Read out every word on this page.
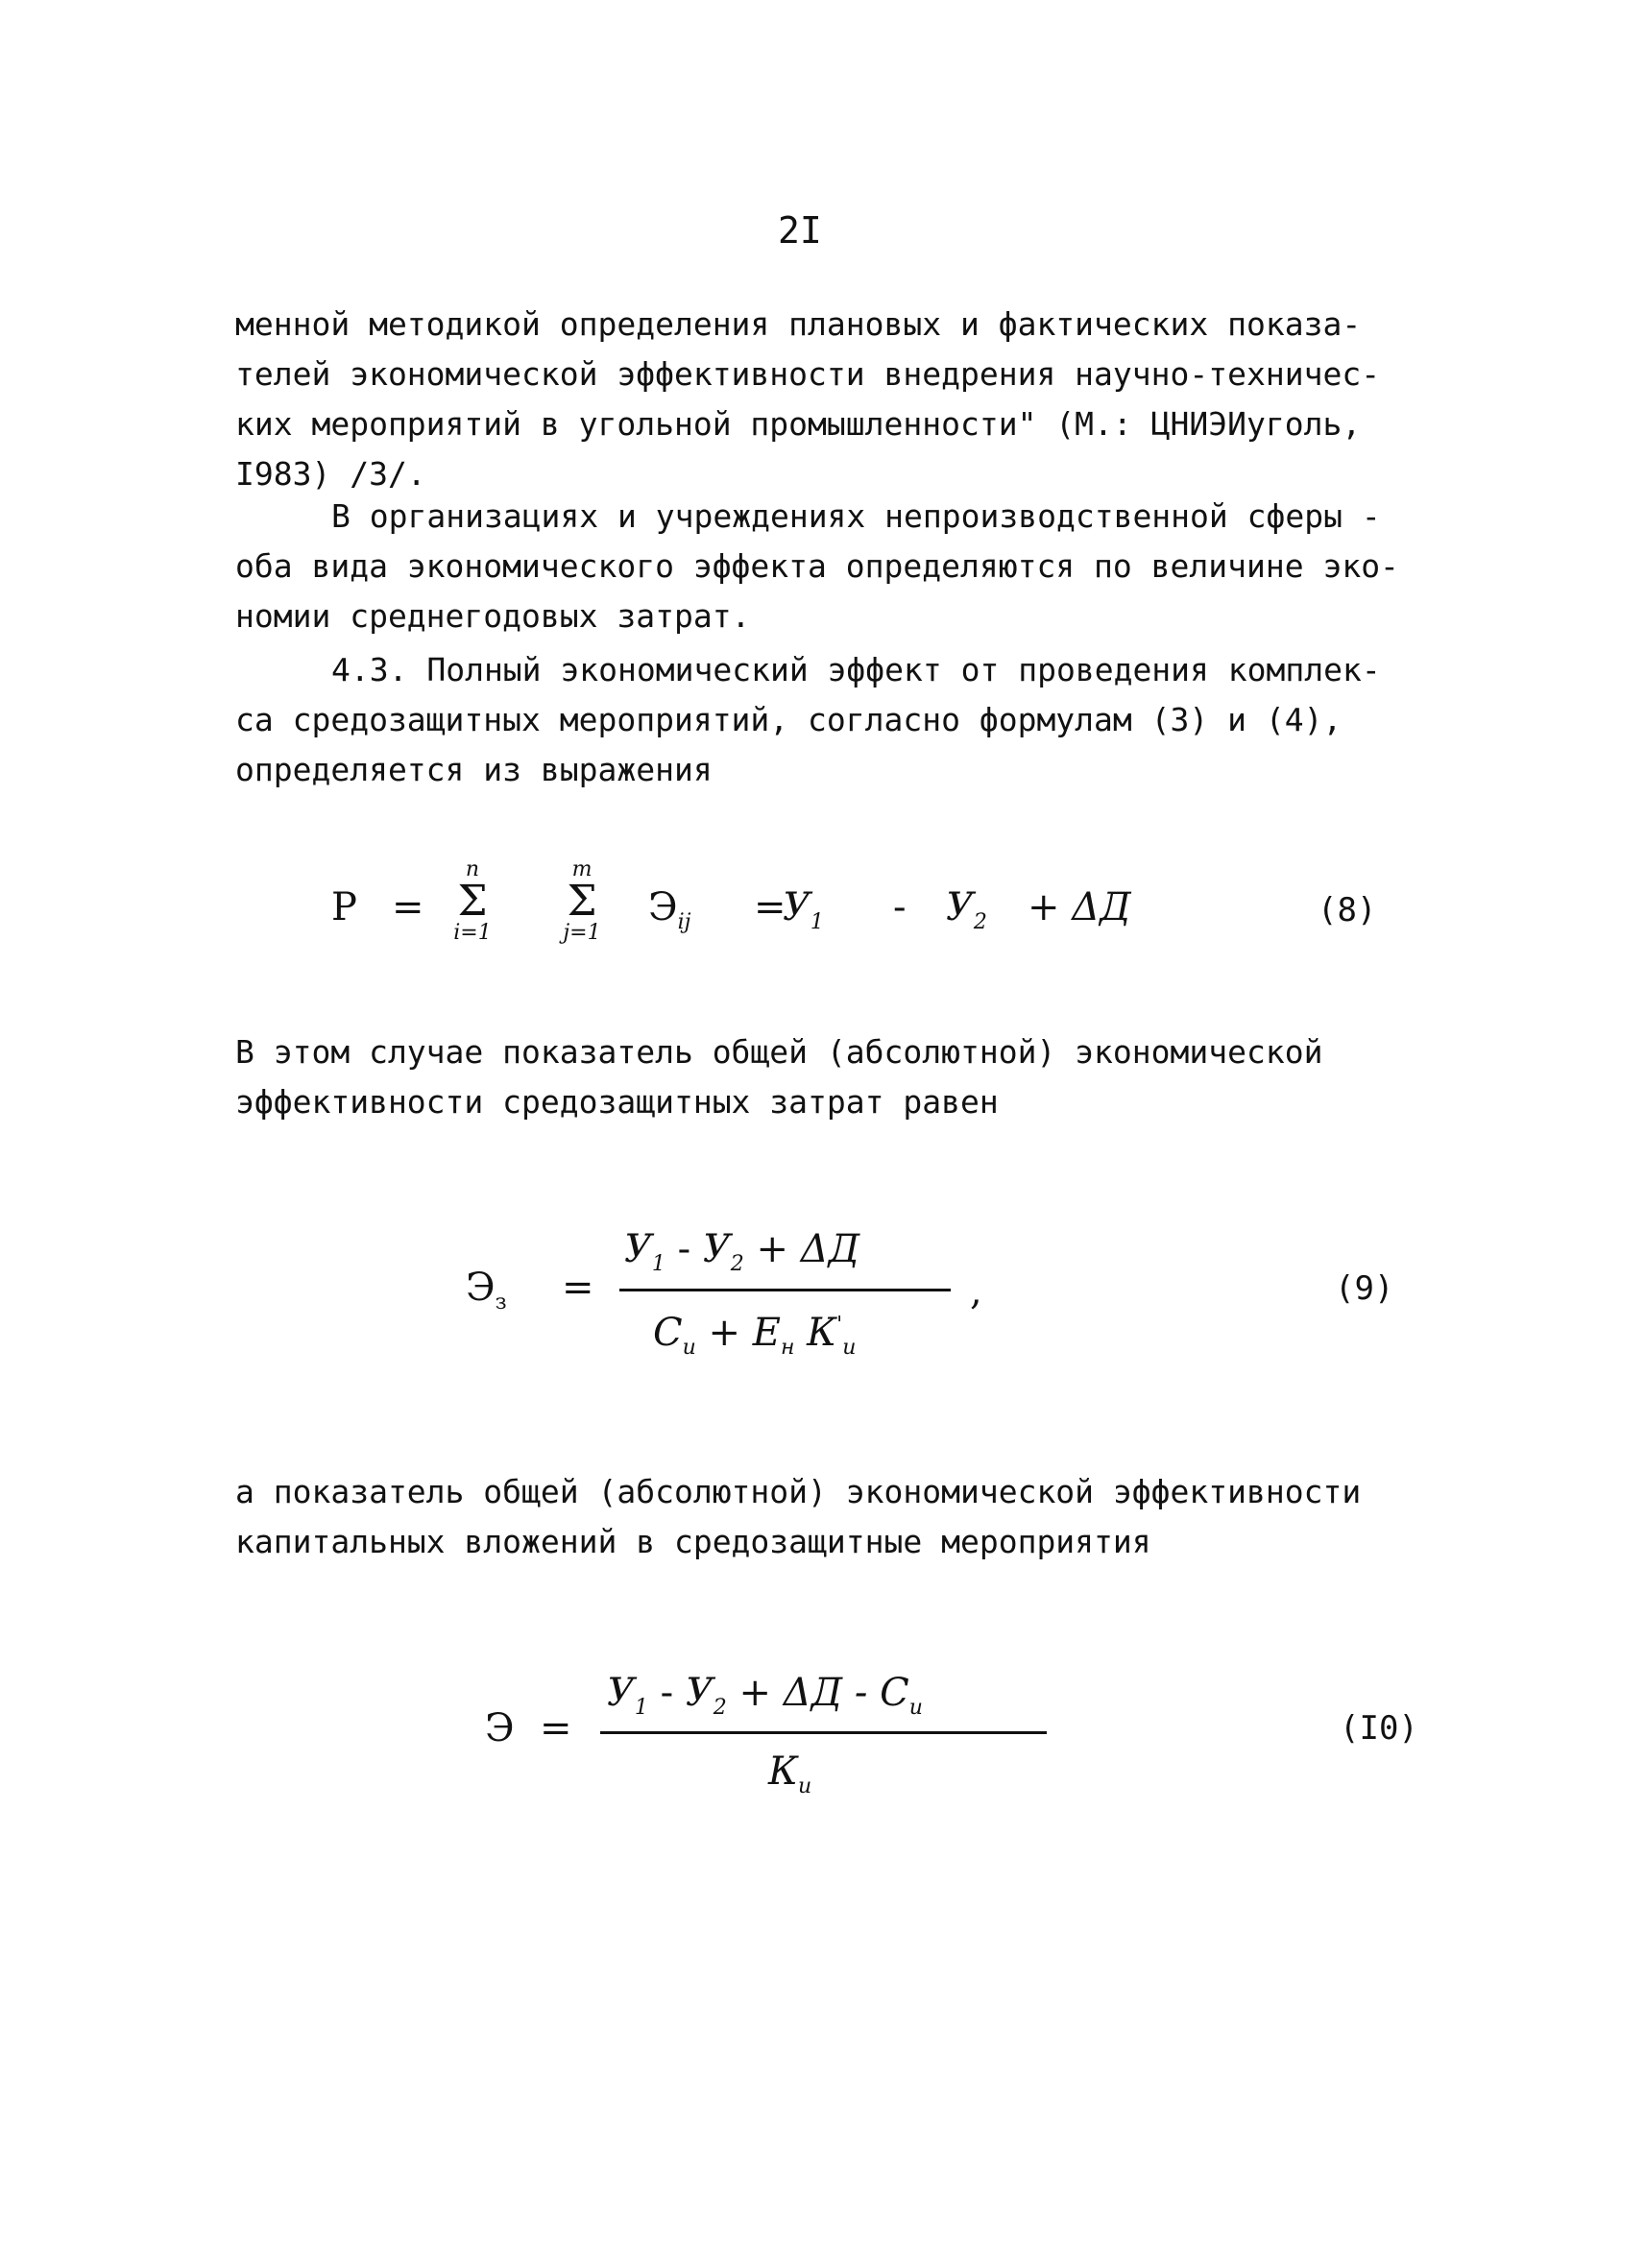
2I

менной методикой определения плановых и фактических показа-
телей экономической эффективности внедрения научно-техничес-
ких мероприятий в угольной промышленности" (М.: ЦНИЭИуголь,
I983) /3/.

В организациях и учреждениях непроизводственной сферы -
оба вида экономического эффекта определяются по величине эко-
номии среднегодовых затрат.

4.3. Полный экономический эффект от проведения комплек-
са средозащитных мероприятий, согласно формулам (3) и (4),
определяется из выражения

P =
n
Σ
i=1
m
Σ
j=1
$Э_{ij}$ =
$У_1 - У_2 + \Delta Д$	(8)

В этом случае показатель общей (абсолютной) экономической
эффективности средозащитных затрат равен

$Э_з$ =
$У_1 - У_2 + \Delta Д$
$С_и + Е_н$ $К'_и$
,	(9)

а показатель общей (абсолютной) экономической эффективности
капитальных вложений в средозащитные мероприятия

Э =
$У_1 - У_2 + \Delta Д - С_и$
$К_и$
(I0)
